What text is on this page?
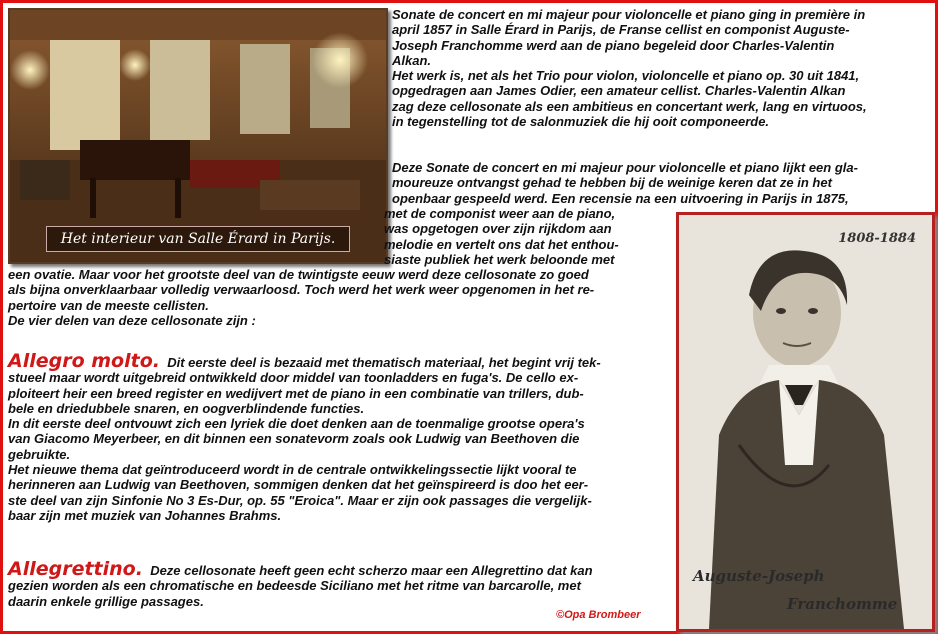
Het interieur van Salle Érard in Parijs.	1808-1884
Auguste-Joseph
Franchomme
Sonate de concert en mi majeur pour violoncelle et piano ging in première in
april 1857 in Salle Érard in Parijs, de Franse cellist en componist Auguste-
Joseph Franchomme werd aan de piano begeleid door Charles-Valentin
Alkan.
Het werk is, net als het Trio pour violon, violoncelle et piano op. 30 uit 1841,
opgedragen aan James Odier, een amateur cellist. Charles-Valentin Alkan
zag deze cellosonate als een ambitieus en concertant werk, lang en virtuoos,
in tegenstelling tot de salonmuziek die hij ooit componeerde.
Deze Sonate de concert en mi majeur pour violoncelle et piano lijkt een gla-
moureuze ontvangst gehad te hebben bij de weinige keren dat ze in het
openbaar gespeeld werd. Een recensie na een uitvoering in Parijs in 1875,
met de componist weer aan de piano,
was opgetogen over zijn rijkdom aan
melodie en vertelt ons dat het enthou-
siaste publiek het werk beloonde met
een ovatie. Maar voor het grootste deel van de twintigste eeuw werd deze cellosonate zo goed
als bijna onverklaarbaar volledig verwaarloosd. Toch werd het werk weer opgenomen in het re-
pertoire van de meeste cellisten.
De vier delen van deze cellosonate zijn :
Allegro molto. Dit eerste deel is bezaaid met thematisch materiaal, het begint vrij tek-
stueel maar wordt uitgebreid ontwikkeld door middel van toonladders en fuga's. De cello ex-
ploiteert heir een breed register en wedijvert met de piano in een combinatie van trillers, dub-
bele en driedubbele snaren, en oogverblindende functies.
In dit eerste deel ontvouwt zich een lyriek die doet denken aan de toenmalige grootse opera's
van Giacomo Meyerbeer, en dit binnen een sonatevorm zoals ook Ludwig van Beethoven die
gebruikte.
Het nieuwe thema dat geïntroduceerd wordt in de centrale ontwikkelingssectie lijkt vooral te
herinneren aan Ludwig van Beethoven, sommigen denken dat het geïnspireerd is doo het eer-
ste deel van zijn Sinfonie No 3 Es-Dur, op. 55 "Eroica". Maar er zijn ook passages die vergelijk-
baar zijn met muziek van Johannes Brahms.
Allegrettino. Deze cellosonate heeft geen echt scherzo maar een Allegrettino dat kan
gezien worden als een chromatische en bedeesde Siciliano met het ritme van barcarolle, met
daarin enkele grillige passages.
©Opa Brombeer
